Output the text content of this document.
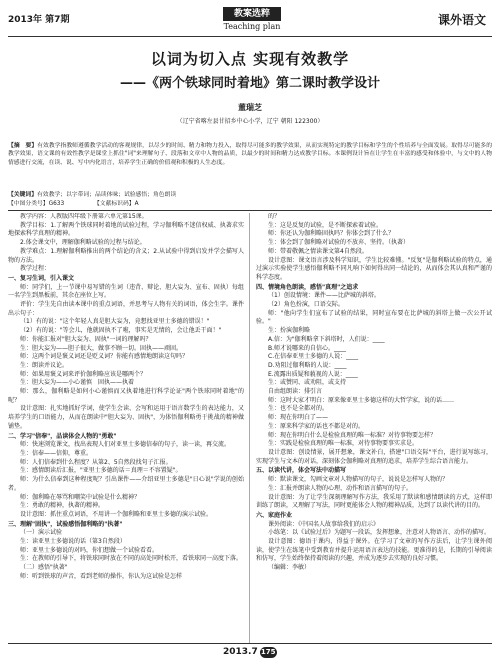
2013年 第7期
教案选粹
Teaching plan	课外语文
以词为切入点 实现有效教学
——《两个铁球同时着地》第二课时教学设计
董瑞芝
（辽宁省喀左县甘招乡中心小学，辽宁 朝阳 122300）
【摘　要】有效教学指教师遵循教学活动的客观规律，以尽少的时间、精力和物力投入，取得尽可能多的教学效果，从而实现特定的教学目标和学生的个性培养与全面发展。取得尽可能多的教学效果，语文课的有效性教学是课堂上抓住"词"来理解句子、段落和文章中人物的品质，以最少的时间和精力达成教学目标。本课例设计旨在让学生在丰富的感受和体验中，与文中的人物情感进行交流，在读、说、写中内化语言，培养学生正确的价值观和积极的人生态度。
【关键词】有效教学；以字带词；品读体味；试验感悟；角色朗读
【中图分类号】G633	【文献标识码】A

教学内容：人教版四年级下册第六单元第15课。

教学目标：1.了解两个铁球同时着地的试验过程，学习伽利略不迷信权威、执著求实地探索科学真理的精神。

2.体会课文中，理解伽利略试验的过程与结论。

教学难点：1.理解伽利略推出的两个结论的含义；2.从试验中得到启发并学会描写人物的方法。

教学过程：

一、复习生词，引入课文

师：同学们，上一节课中易写错的生词（违背、辩论、胆大妄为、宣布、固执）每组一名学生到黑板前，其余在座位上写。

评价：学生先自由读本课中的重点词语，并思考与人物有关的词语，体会生字。课件出示句子：

（1）有的说："这个年轻人真是胆大妄为，竟想找亚里士多德的错误！"

（2）有的说："等会儿，他就固执不了啦，事实是无情的，会让他丢干面！"

师：你能汇报对"胆大妄为、固执"一词的理解吗？

生：胆大妄为——胆子很大，做事不顾一切。固执——顽固。

师：这两个词是褒义词还是贬义词？你能有感情地朗读这句吗？

生：朗读并议论。

师：如果用褒义词来评价伽利略应该是哪两个？

生：胆大妄为——小心谨慎　固执——执着

师：那么，伽利略是如何小心谨慎而又执着地进行科学论证"两个铁球同时着地"的呢？

设计意图：扎实地抓好学词，使学生会读、会写和运用于语言数学生的表达能力，又培养学生的口语能力，从而在朗读中"胆大妄为、固执"，为体悟伽利略勇于挑战的精神做铺垫。

二、学习"信奉"，品读体会人物的"勇敢"

师：快速浏览课文，找出表现人们对亚里士多德信奉的句子，读一读，再交流。

生：信奉——信仰，尊重。

师：人们信奉到什么程度？从第2、5自然段找句子汇报。

生：感情朗读后汇报，"亚里士多德的话＝真理＝不容置疑"。

师：为什么信奉到这种程度呢？引出课件——介绍亚里士多德是"日心说"学说的创始者。

师：伽利略在辱骂和嘲笑中试验是什么精神？

生：勇敢的精神，执著的精神。

设计意图：抓住重点词语，不用讲一个伽利略和亚里士多德的演示试验。

三、理解"固执"，试验感悟伽利略的"执著"

（一）演示试验

生：读亚里士多德说的话（第3自然段）

师：亚里士多德说的对吗，你们想做一个试验看看。

生：在教师的引导下，将铁球同时放在不同的高处同时松开，看铁球同一高度下落。

（二）感悟"执著"

师：听到铁球的声音，看到老师的操作，你认为这试验是怎样

的？

生：这是反复的试验，是不断探索着试验。

师：你还认为伽利略固执吗？你体会到了什么？

生：体会到了伽利略对试验的不放弃、坚持。（执著）

师：带着敬佩之情读课文第4自然段。

设计意图：课文语言涉及科学知识，学生比较难懂。"反复"是伽利略试验的特点，通过演示实验使学生感悟伽利略不同凡响下如何得出同一结论的，从而体会其认真和严谨的科学态度。

四、情境角色朗读，感悟"真理"之追求

（1）创设情境：课件——比萨城的斜塔。

（2）角色扮演，口语交际。

师："他向学生们宣布了试验的结果，同时宣布要在比萨城的斜塔上做一次公开试验。"

生：扮演伽利略

A.信：为"伽利略拿下斜塔时，人们说：____

B.师才说哪来的自信心。____

C.在信奉亚里士多德的人说：____

D.劝阻过伽利略的人说：____

E.流露出质疑和藐视的人说：____

生：或赞同、或劝阻，或支持

自由组朗读：排引言

师：这时大家才明白：原来像亚里士多德这样的大哲学家，说的话……

生：也不是全都对的。

师：现在你明白了——

生：原来科学家的话也不都是对的。

师：现在你明白什么是检验真理的唯一标准？对待事物要怎样？

生：实践是检验真理的唯一标准，对待事物要事实求是。

设计意图：创设情景，展开想象，课文补白，搭建"口语交际"平台，进行说写练习，实现学生与文本的对话，深刻体会伽利略对真理的追求，培养学生综合语言能力。

五、以读代讲，体会写法中动描写

师：默读课文，勾画文章对人物描写的句子，说说是怎样写人物的？

生：汇报并朗读人物的心理、动作和语言描写的句子。

设计意图：为了让学生深刻理解写作方法，我采用了默读和感情朗读的方式，这样即训练了朗读，又理解了写法，同时更能体会人物的精神品质，达到了以读代讲的目的。

六、家庭作业

课外阅读：《中国名人故事给我们的启示》

小练笔：以《试验过后》为题写一段话，发挥想象，注意对人物语言、动作的描写。

设计意图：德语于课内，得益于课外。在学习了文章的写作方法后，让学生课外阅读，使学生在练笔中受到教育并提升运用语言表达的技能。更准得的是，长期的引导阅读和仿写，学生始终保持着阅读的兴趣，并成为逐步去实现的良好习惯。

（编辑：李敏）

2013.7 175
